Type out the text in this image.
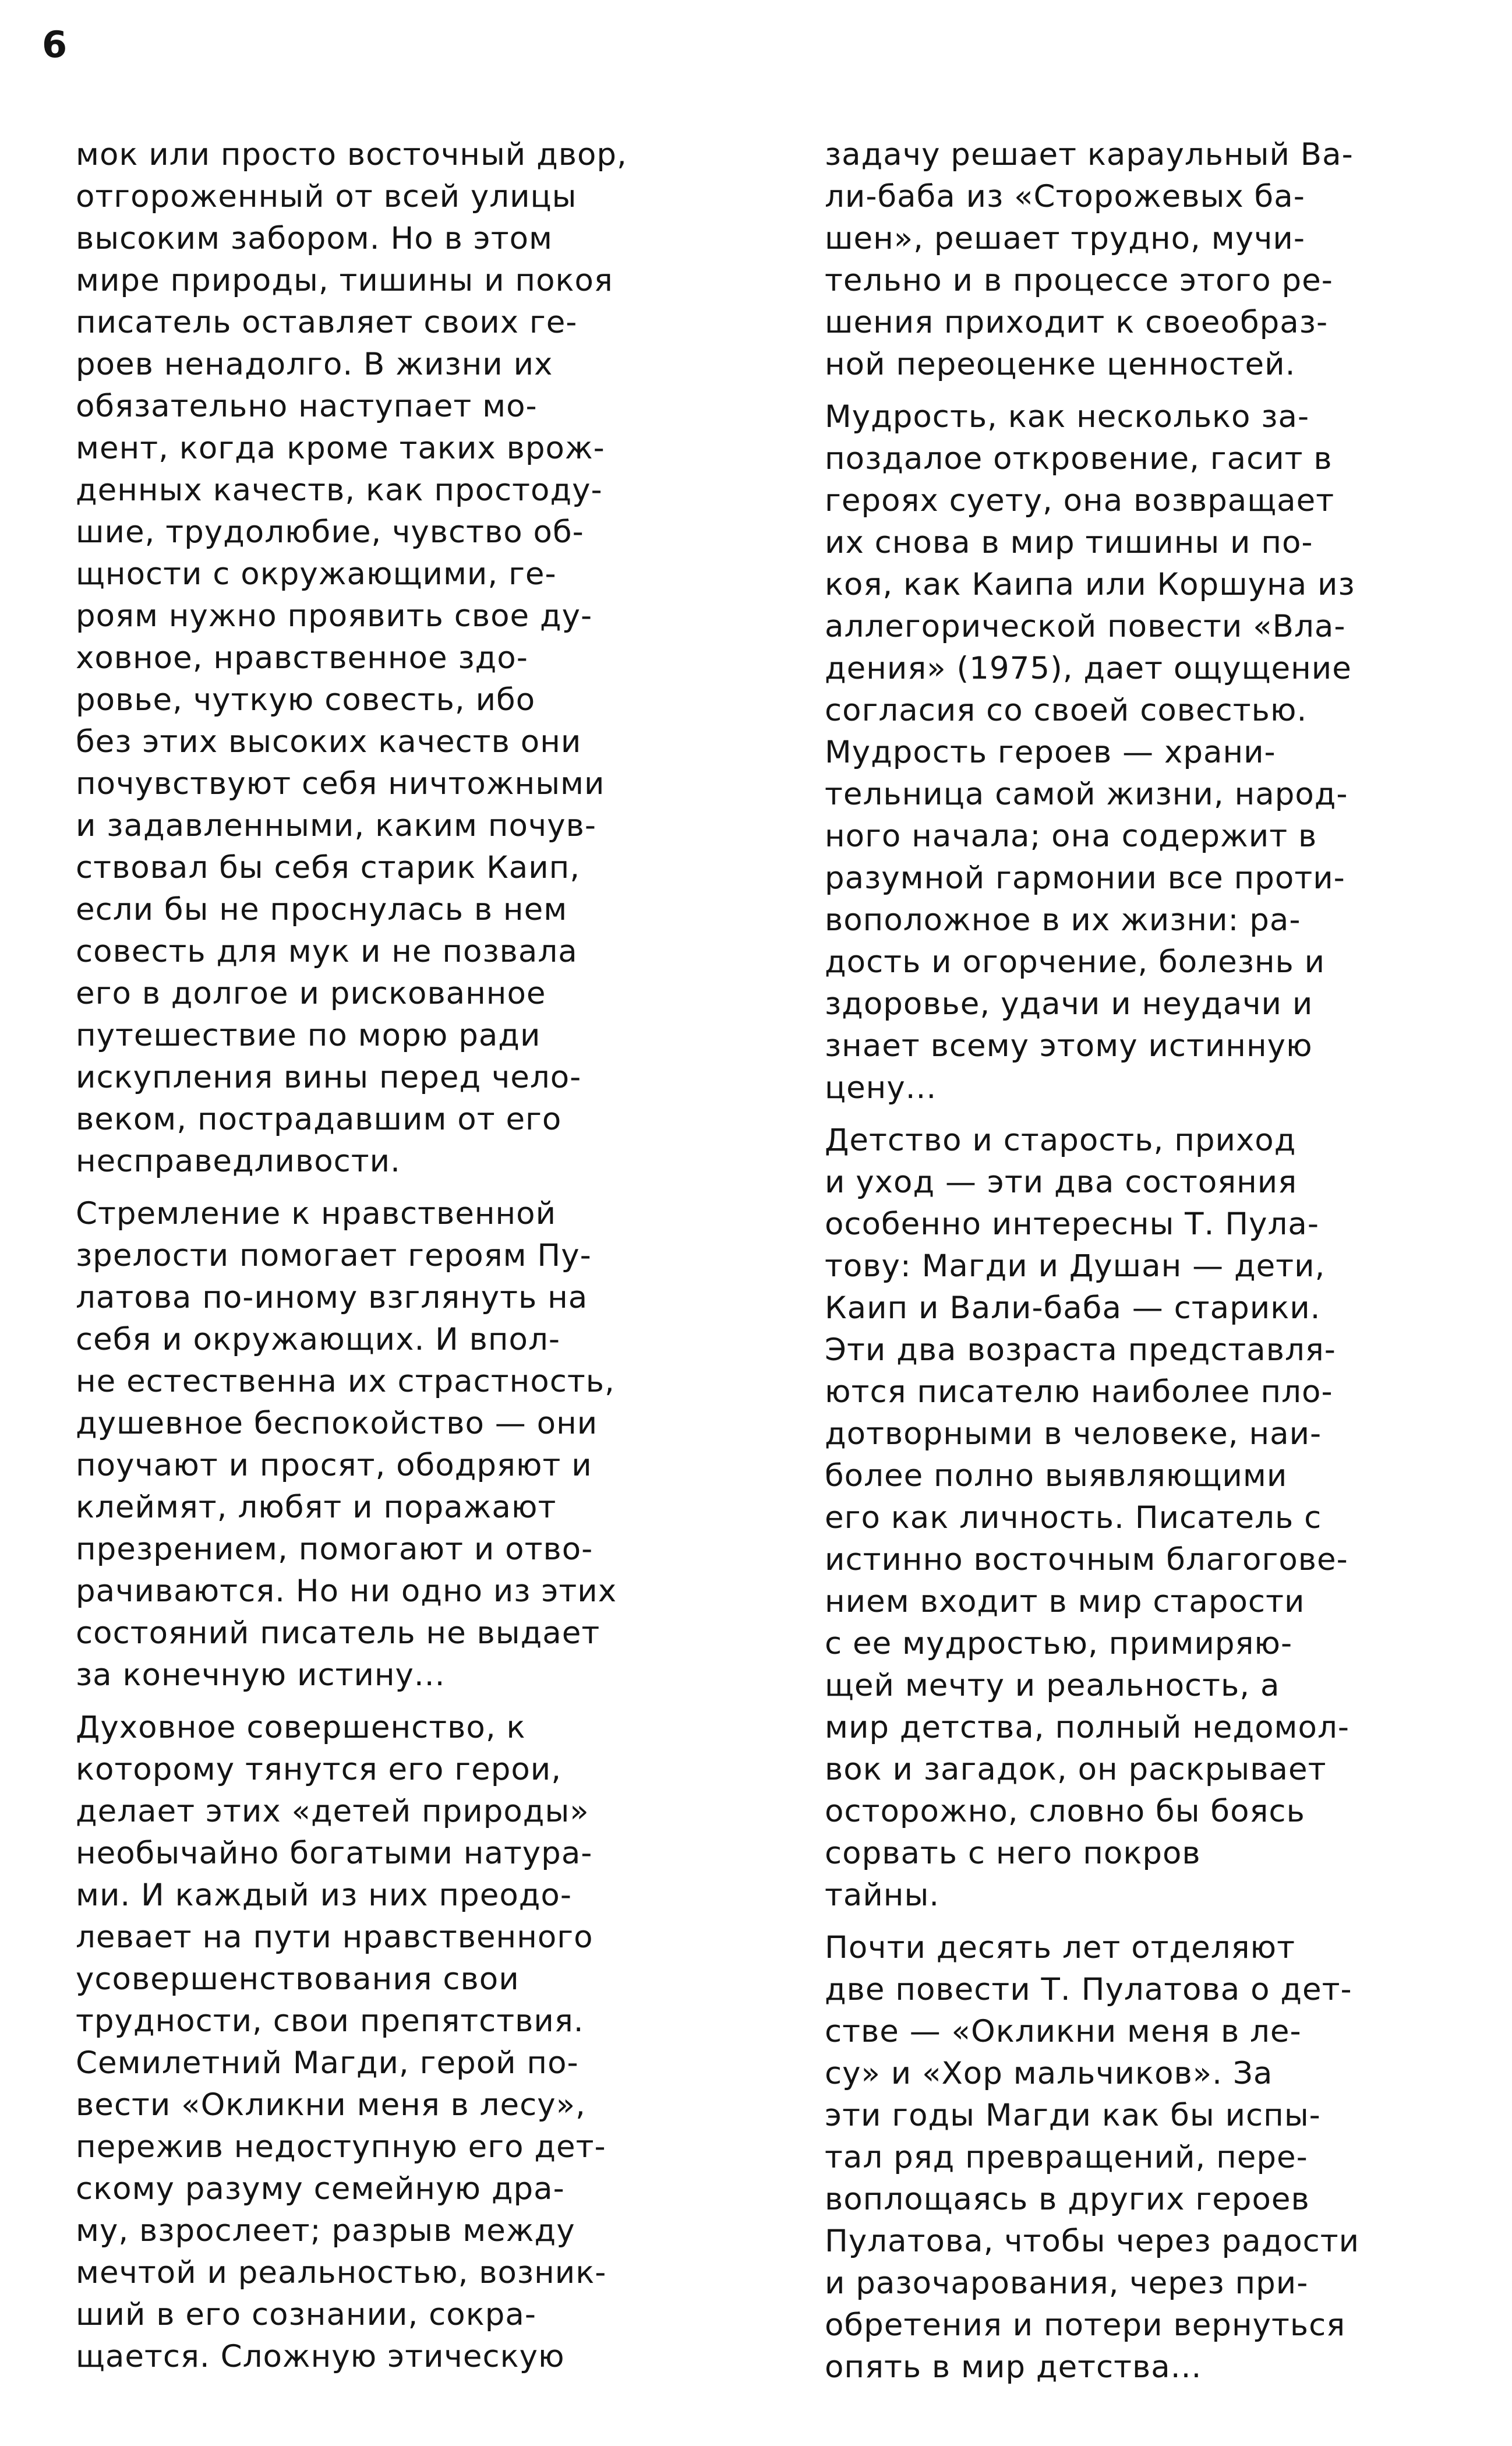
6

мок или просто восточный двор,
отгороженный от всей улицы
высоким забором. Но в этом
мире природы, тишины и покоя
писатель оставляет своих ге-
роев ненадолго. В жизни их
обязательно наступает мо-
мент, когда кроме таких врож-
денных качеств, как простоду-
шие, трудолюбие, чувство об-
щности с окружающими, ге-
роям нужно проявить свое ду-
ховное, нравственное здо-
ровье, чуткую совесть, ибо
без этих высоких качеств они
почувствуют себя ничтожными
и задавленными, каким почув-
ствовал бы себя старик Каип,
если бы не проснулась в нем
совесть для мук и не позвала
его в долгое и рискованное
путешествие по морю ради
искупления вины перед чело-
веком, пострадавшим от его
несправедливости.

Стремление к нравственной
зрелости помогает героям Пу-
латова по-иному взглянуть на
себя и окружающих. И впол-
не естественна их страстность,
душевное беспокойство — они
поучают и просят, ободряют и
клеймят, любят и поражают
презрением, помогают и отво-
рачиваются. Но ни одно из этих
состояний писатель не выдает
за конечную истину...

Духовное совершенство, к
которому тянутся его герои,
делает этих «детей природы»
необычайно богатыми натура-
ми. И каждый из них преодо-
левает на пути нравственного
усовершенствования свои
трудности, свои препятствия.
Семилетний Магди, герой по-
вести «Окликни меня в лесу»,
пережив недоступную его дет-
скому разуму семейную дра-
му, взрослеет; разрыв между
мечтой и реальностью, возник-
ший в его сознании, сокра-
щается. Сложную этическую

задачу решает караульный Ва-
ли-баба из «Сторожевых ба-
шен», решает трудно, мучи-
тельно и в процессе этого ре-
шения приходит к своеобраз-
ной переоценке ценностей.

Мудрость, как несколько за-
поздалое откровение, гасит в
героях суету, она возвращает
их снова в мир тишины и по-
коя, как Каипа или Коршуна из
аллегорической повести «Вла-
дения» (1975), дает ощущение
согласия со своей совестью.
Мудрость героев — храни-
тельница самой жизни, народ-
ного начала; она содержит в
разумной гармонии все проти-
воположное в их жизни: ра-
дость и огорчение, болезнь и
здоровье, удачи и неудачи и
знает всему этому истинную
цену...

Детство и старость, приход
и уход — эти два состояния
особенно интересны Т. Пула-
тову: Магди и Душан — дети,
Каип и Вали-баба — старики.
Эти два возраста представля-
ются писателю наиболее пло-
дотворными в человеке, наи-
более полно выявляющими
его как личность. Писатель с
истинно восточным благогове-
нием входит в мир старости
с ее мудростью, примиряю-
щей мечту и реальность, а
мир детства, полный недомол-
вок и загадок, он раскрывает
осторожно, словно бы боясь
сорвать с него покров
тайны.

Почти десять лет отделяют
две повести Т. Пулатова о дет-
стве — «Окликни меня в ле-
су» и «Хор мальчиков». За
эти годы Магди как бы испы-
тал ряд превращений, пере-
воплощаясь в других героев
Пулатова, чтобы через радости
и разочарования, через при-
обретения и потери вернуться
опять в мир детства...
